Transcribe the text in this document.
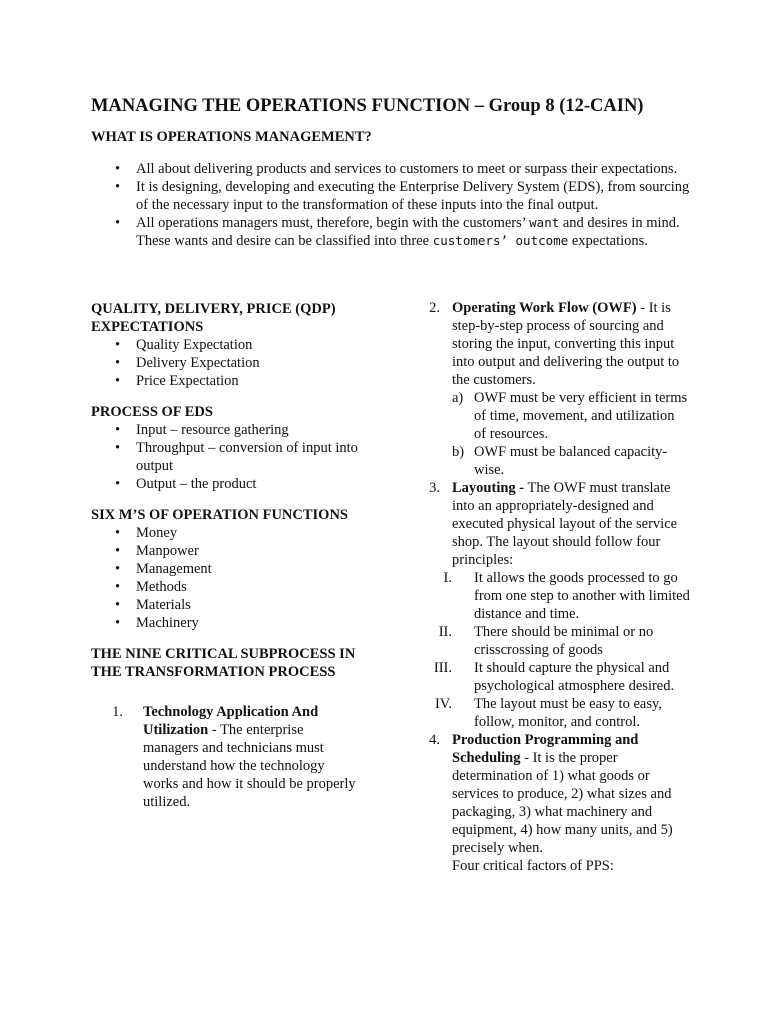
MANAGING THE OPERATIONS FUNCTION – Group 8 (12-CAIN)
WHAT IS OPERATIONS MANAGEMENT?
• All about delivering products and services to customers to meet or surpass their expectations.
• It is designing, developing and executing the Enterprise Delivery System (EDS), from sourcing of the necessary input to the transformation of these inputs into the final output.
• All operations managers must, therefore, begin with the customers’ want and desires in mind. These wants and desire can be classified into three customers’ outcome expectations.
QUALITY, DELIVERY, PRICE (QDP) EXPECTATIONS
• Quality Expectation
• Delivery Expectation
• Price Expectation
PROCESS OF EDS
• Input – resource gathering
• Throughput – conversion of input into output
• Output – the product
SIX M’S OF OPERATION FUNCTIONS
• Money
• Manpower
• Management
• Methods
• Materials
• Machinery
THE NINE CRITICAL SUBPROCESS IN THE TRANSFORMATION PROCESS
1. Technology Application And Utilization - The enterprise managers and technicians must understand how the technology works and how it should be properly utilized.
2. Operating Work Flow (OWF) - It is step-by-step process of sourcing and storing the input, converting this input into output and delivering the output to the customers.
a) OWF must be very efficient in terms of time, movement, and utilization of resources.
b) OWF must be balanced capacity-wise.
3. Layouting - The OWF must translate into an appropriately-designed and executed physical layout of the service shop. The layout should follow four principles:
I. It allows the goods processed to go from one step to another with limited distance and time.
II. There should be minimal or no crisscrossing of goods
III. It should capture the physical and psychological atmosphere desired.
IV. The layout must be easy to easy, follow, monitor, and control.
4. Production Programming and Scheduling - It is the proper determination of 1) what goods or services to produce, 2) what sizes and packaging, 3) what machinery and equipment, 4) how many units, and 5) precisely when.
Four critical factors of PPS:
